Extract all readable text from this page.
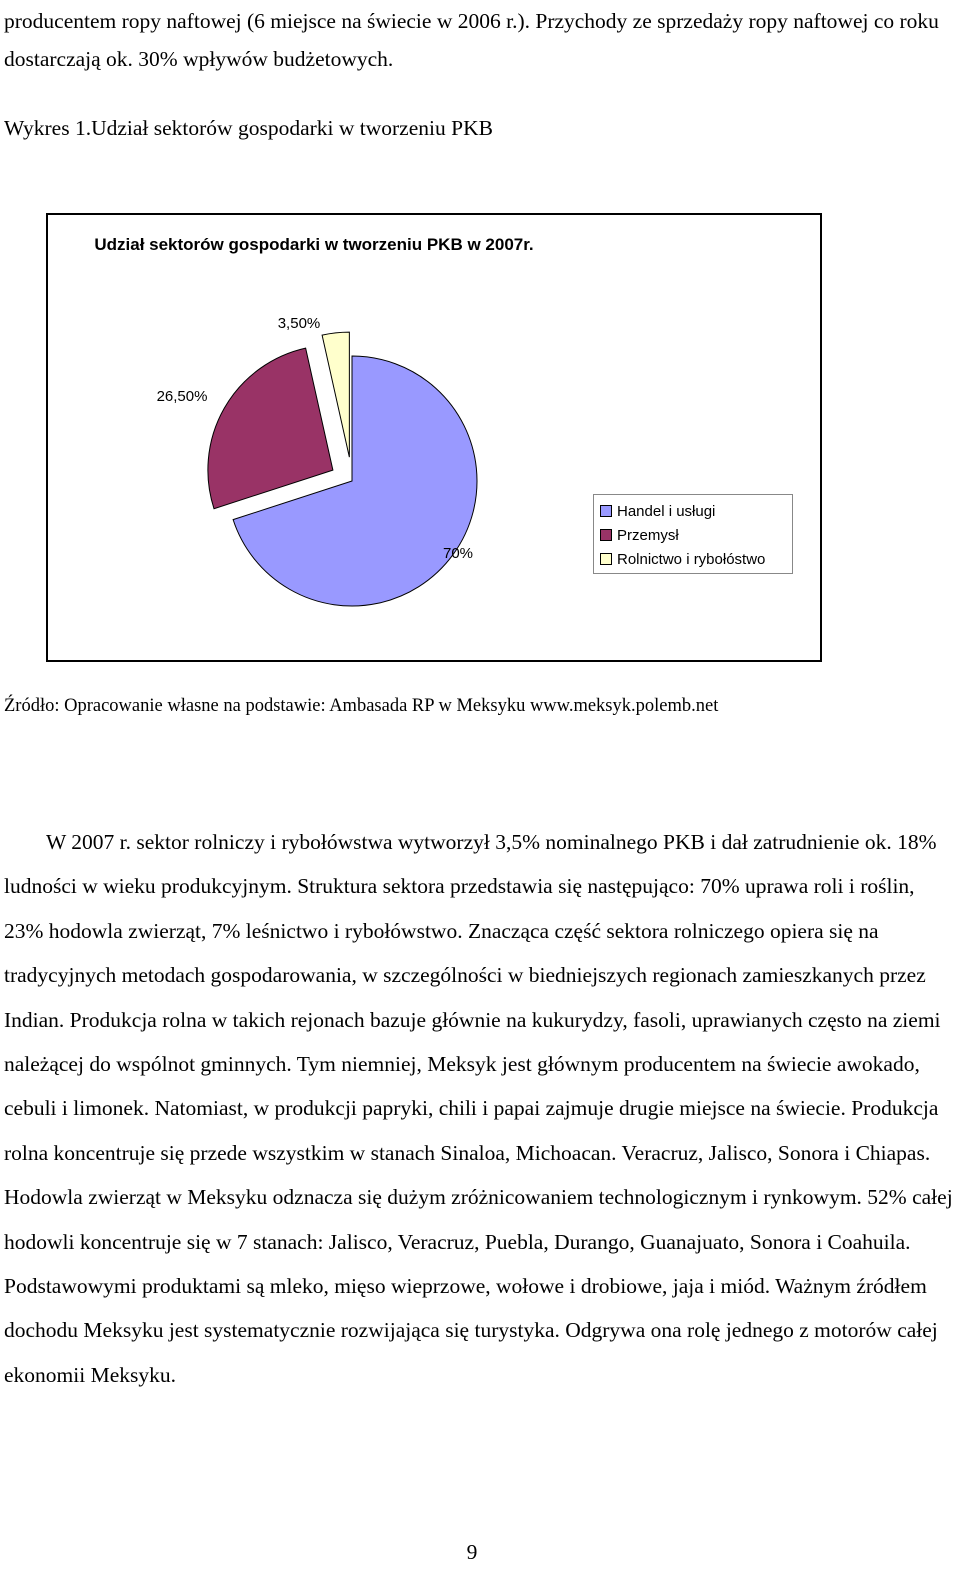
producentem ropy naftowej (6 miejsce na świecie w 2006 r.). Przychody ze sprzedaży ropy naftowej co roku dostarczają ok. 30% wpływów budżetowych.

Wykres 1.Udział sektorów gospodarki w tworzeniu PKB

Udział sektorów gospodarki w tworzeniu PKB w 2007r.
70%
26,50%
3,50%
Handel i usługi
Przemysł
Rolnictwo i rybołóstwo

Źródło: Opracowanie własne na podstawie: Ambasada RP w Meksyku www.meksyk.polemb.net

W 2007 r. sektor rolniczy i rybołówstwa wytworzył 3,5% nominalnego PKB i dał zatrudnienie ok. 18% ludności w wieku produkcyjnym. Struktura sektora przedstawia się następująco: 70% uprawa roli i roślin, 23% hodowla zwierząt, 7% leśnictwo i rybołówstwo. Znacząca część sektora rolniczego opiera się na tradycyjnych metodach gospodarowania, w szczególności w biedniejszych regionach zamieszkanych przez Indian. Produkcja rolna w takich rejonach bazuje głównie na kukurydzy, fasoli, uprawianych często na ziemi należącej do wspólnot gminnych. Tym niemniej, Meksyk jest głównym producentem na świecie awokado, cebuli i limonek. Natomiast, w produkcji papryki, chili i papai zajmuje drugie miejsce na świecie. Produkcja rolna koncentruje się przede wszystkim w stanach Sinaloa, Michoacan. Veracruz, Jalisco, Sonora i Chiapas. Hodowla zwierząt w Meksyku odznacza się dużym zróżnicowaniem technologicznym i rynkowym. 52% całej hodowli koncentruje się w 7 stanach: Jalisco, Veracruz, Puebla, Durango, Guanajuato, Sonora i Coahuila. Podstawowymi produktami są mleko, mięso wieprzowe, wołowe i drobiowe, jaja i miód. Ważnym źródłem dochodu Meksyku jest systematycznie rozwijająca się turystyka. Odgrywa ona rolę jednego z motorów całej ekonomii Meksyku.

9
